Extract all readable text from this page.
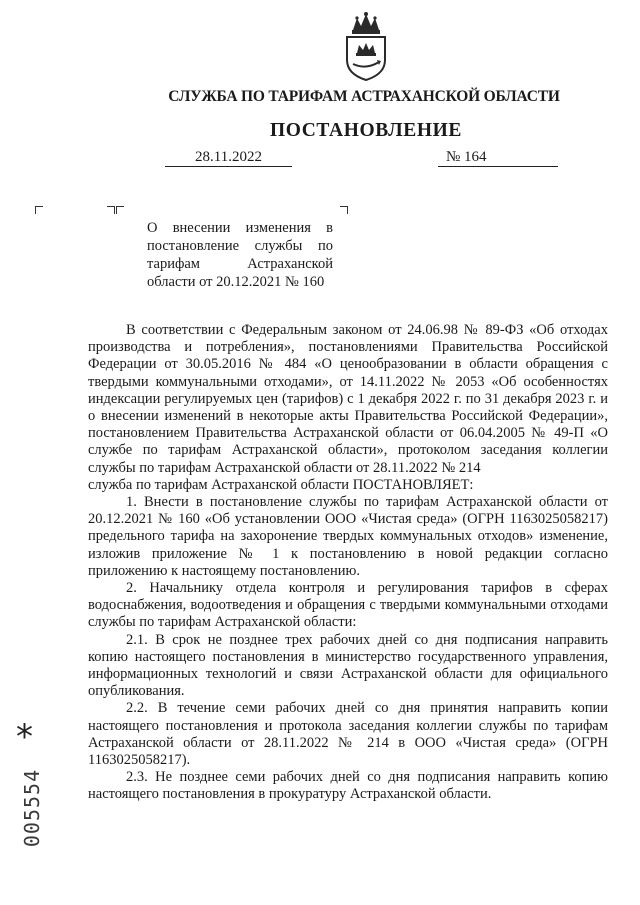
СЛУЖБА ПО ТАРИФАМ АСТРАХАНСКОЙ ОБЛАСТИ
ПОСТАНОВЛЕНИЕ
28.11.2022	№ 164
О внесении изменения в постановление службы по тарифам Астраханской области от 20.12.2021 № 160

В соответствии с Федеральным законом от 24.06.98 № 89-ФЗ «Об отходах производства и потребления», постановлениями Правительства Российской Федерации от 30.05.2016 № 484 «О ценообразовании в области обращения с твердыми коммунальными отходами», от 14.11.2022 № 2053 «Об особенностях индексации регулируемых цен (тарифов) с 1 декабря 2022 г. по 31 декабря 2023 г. и о внесении изменений в некоторые акты Правительства Российской Федерации», постановлением Правительства Астраханской области от 06.04.2005 № 49-П «О службе по тарифам Астраханской области», протоколом заседания коллегии службы по тарифам Астраханской области от 28.11.2022 № 214

служба по тарифам Астраханской области ПОСТАНОВЛЯЕТ:

1. Внести в постановление службы по тарифам Астраханской области от 20.12.2021 № 160 «Об установлении ООО «Чистая среда» (ОГРН 1163025058217) предельного тарифа на захоронение твердых коммунальных отходов» изменение, изложив приложение № 1 к постановлению в новой редакции согласно приложению к настоящему постановлению.

2. Начальнику отдела контроля и регулирования тарифов в сферах водоснабжения, водоотведения и обращения с твердыми коммунальными отходами службы по тарифам Астраханской области:

2.1. В срок не позднее трех рабочих дней со дня подписания направить копию настоящего постановления в министерство государственного управления, информационных технологий и связи Астраханской области для официального опубликования.

2.2. В течение семи рабочих дней со дня принятия направить копии настоящего постановления и протокола заседания коллегии службы по тарифам Астраханской области от 28.11.2022 № 214 в ООО «Чистая среда» (ОГРН 1163025058217).

2.3. Не позднее семи рабочих дней со дня подписания направить копию настоящего постановления в прокуратуру Астраханской области.

*
005554
